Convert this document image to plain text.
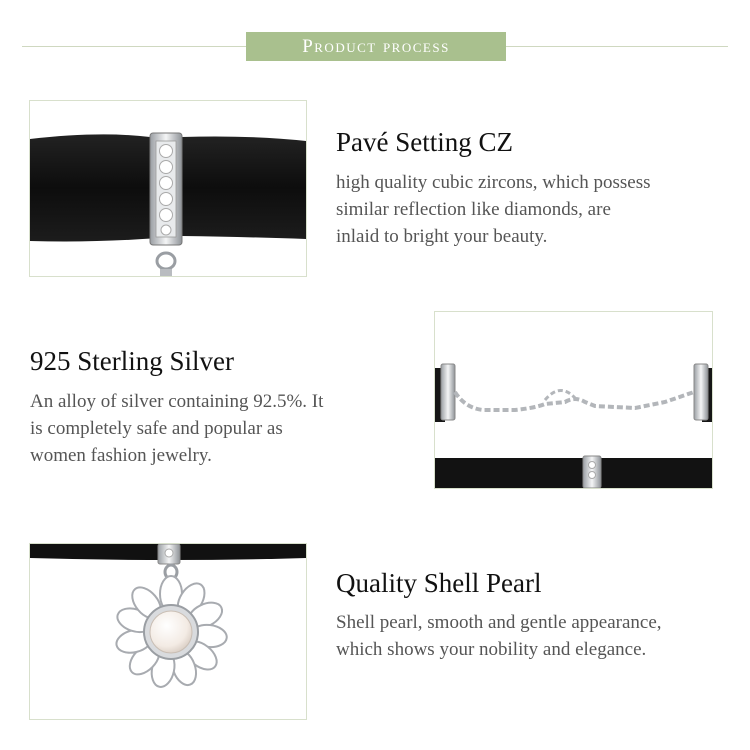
Product process
Pavé Setting CZ
high quality cubic zircons, which possess
similar reflection like diamonds, are
inlaid to bright your beauty.
925 Sterling Silver
An alloy of silver containing 92.5%. It
is completely safe and popular as
women fashion jewelry.
Quality Shell Pearl
Shell pearl, smooth and gentle appearance,
which shows your nobility and elegance.
